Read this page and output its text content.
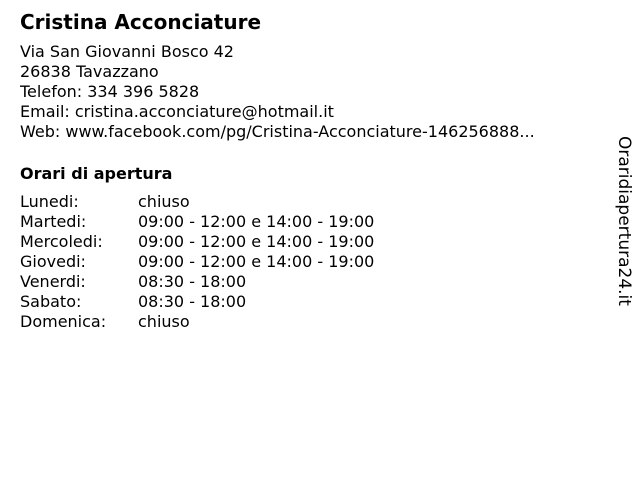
Cristina Acconciature
Via San Giovanni Bosco 42
26838 Tavazzano
Telefon: 334 396 5828
Email: cristina.acconciature@hotmail.it
Web: www.facebook.com/pg/Cristina-Acconciature-146256888...
Orari di apertura
Lunedi:	chiuso
Martedi:	09:00 - 12:00 e 14:00 - 19:00
Mercoledi:	09:00 - 12:00 e 14:00 - 19:00
Giovedi:	09:00 - 12:00 e 14:00 - 19:00
Venerdi:	08:30 - 18:00
Sabato:	08:30 - 18:00
Domenica:	chiuso
Oraridiapertura24.it
